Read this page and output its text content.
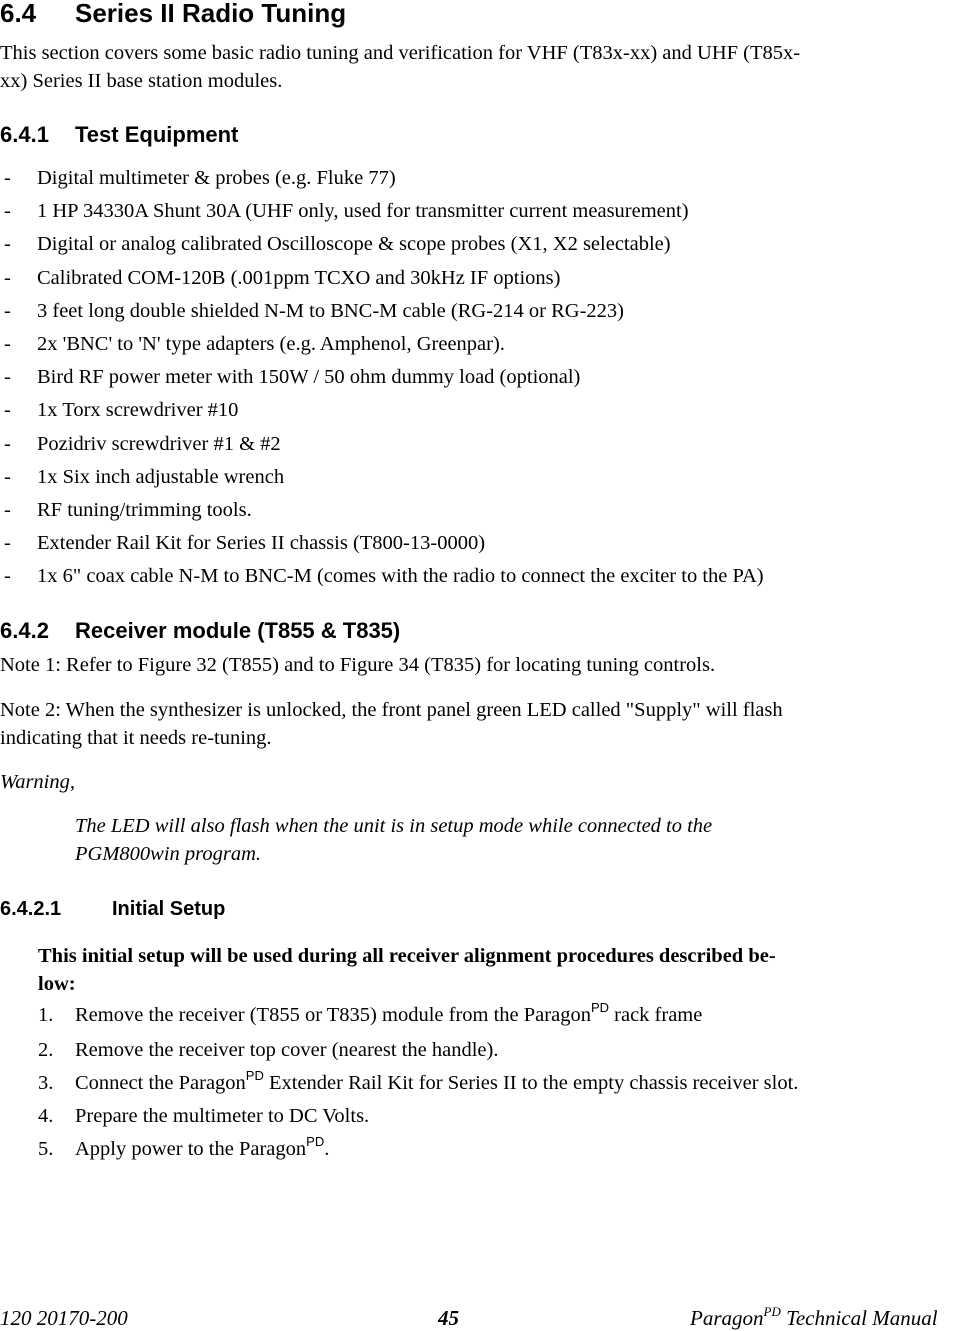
6.4 Series II Radio Tuning
This section covers some basic radio tuning and verification for VHF (T83x-xx) and UHF (T85x-
xx) Series II base station modules.
6.4.1 Test Equipment
- Digital multimeter & probes (e.g. Fluke 77)
- 1 HP 34330A Shunt 30A (UHF only, used for transmitter current measurement)
- Digital or analog calibrated Oscilloscope & scope probes (X1, X2 selectable)
- Calibrated COM-120B (.001ppm TCXO and 30kHz IF options)
- 3 feet long double shielded N-M to BNC-M cable (RG-214 or RG-223)
- 2x 'BNC' to 'N' type adapters (e.g. Amphenol, Greenpar).
- Bird RF power meter with 150W / 50 ohm dummy load (optional)
- 1x Torx screwdriver #10
- Pozidriv screwdriver #1 & #2
- 1x Six inch adjustable wrench
- RF tuning/trimming tools.
- Extender Rail Kit for Series II chassis (T800-13-0000)
- 1x 6" coax cable N-M to BNC-M (comes with the radio to connect the exciter to the PA)
6.4.2 Receiver module (T855 & T835)
Note 1: Refer to Figure 32 (T855) and to Figure 34 (T835) for locating tuning controls.
Note 2: When the synthesizer is unlocked, the front panel green LED called "Supply" will flash
indicating that it needs re-tuning.
Warning,
The LED will also flash when the unit is in setup mode while connected to the
PGM800win program.
6.4.2.1	Initial Setup
This initial setup will be used during all receiver alignment procedures described be-
low:
1. Remove the receiver (T855 or T835) module from the Paragon$^{PD}$ rack frame
2. Remove the receiver top cover (nearest the handle).
3. Connect the Paragon$^{PD}$ Extender Rail Kit for Series II to the empty chassis receiver slot.
4. Prepare the multimeter to DC Volts.
5. Apply power to the Paragon$^{PD}$.
120 20170-200	45	Paragon$^{PD}$ Technical Manual
